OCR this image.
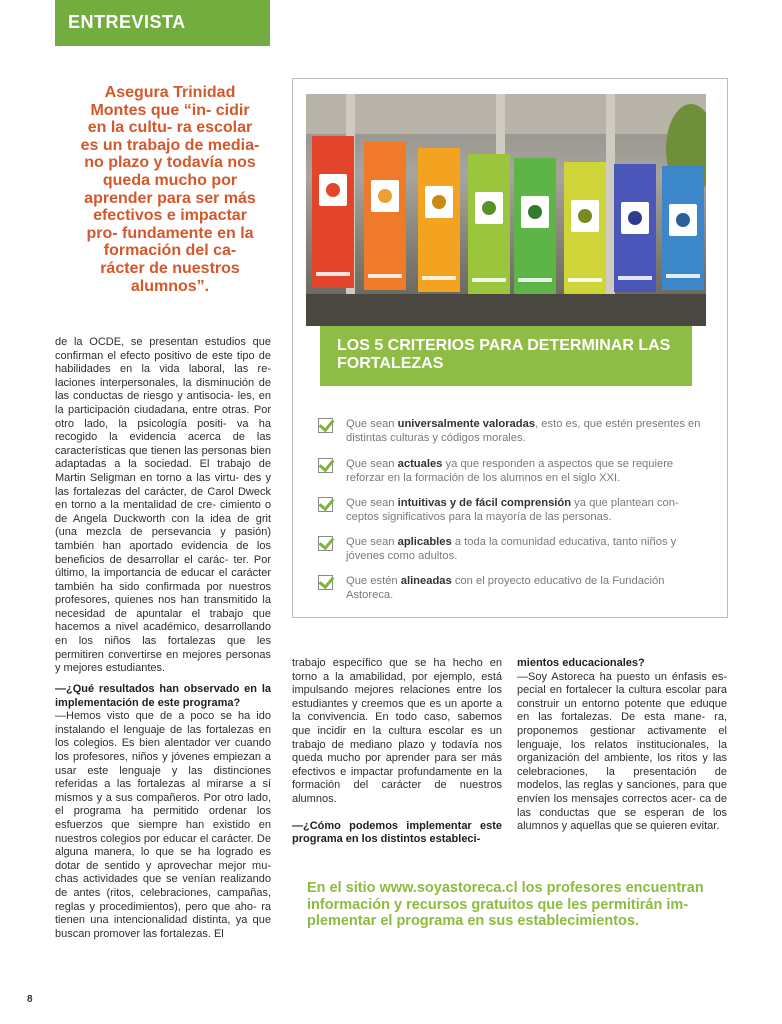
ENTREVISTA
Asegura Trinidad Montes que “in- cidir en la cultu- ra escolar es un trabajo de media- no plazo y todavía nos queda mucho por aprender para ser más efectivos e impactar pro- fundamente en la formación del ca- rácter de nuestros alumnos”.

de la OCDE, se presentan estudios que confirman el efecto positivo de este tipo de habilidades en la vida laboral, las re- laciones interpersonales, la disminución de las conductas de riesgo y antisocia- les, en la participación ciudadana, entre otras. Por otro lado, la psicología positi- va ha recogido la evidencia acerca de las características que tienen las personas bien adaptadas a la sociedad. El trabajo de Martin Seligman en torno a las virtu- des y las fortalezas del carácter, de Carol Dweck en torno a la mentalidad de cre- cimiento o de Angela Duckworth con la idea de grit (una mezcla de persevancia y pasión) también han aportado evidencia de los beneficios de desarrollar el carác- ter. Por último, la importancia de educar el carácter también ha sido confirmada por nuestros profesores, quienes nos han transmitido la necesidad de apuntalar el trabajo que hacemos a nivel académico, desarrollando en los niños las fortalezas que les permitiren convertirse en mejores personas y mejores estudiantes.

—¿Qué resultados han observado en la implementación de este programa?

—Hemos visto que de a poco se ha ido instalando el lenguaje de las fortalezas en los colegios. Es bien alentador ver cuando los profesores, niños y jóvenes empiezan a usar este lenguaje y las distinciones referidas a las fortalezas al mirarse a sí mismos y a sus compañeros. Por otro lado, el programa ha permitido ordenar los esfuerzos que siempre han existido en nuestros colegios por educar el carácter. De alguna manera, lo que se ha logrado es dotar de sentido y aprovechar mejor mu- chas actividades que se venían realizando de antes (ritos, celebraciones, campañas, reglas y procedimientos), pero que aho- ra tienen una intencionalidad distinta, ya que buscan promover las fortalezas. El

trabajo específico que se ha hecho en torno a la amabilidad, por ejemplo, está impulsando mejores relaciones entre los estudiantes y creemos que es un aporte a la convivencia. En todo caso, sabemos que incidir en la cultura escolar es un trabajo de mediano plazo y todavía nos queda mucho por aprender para ser más efectivos e impactar profundamente en la formación del carácter de nuestros alumnos.

—¿Cómo podemos implementar este programa en los distintos estableci-

mientos educacionales?

—Soy Astoreca ha puesto un énfasis es- pecial en fortalecer la cultura escolar para construir un entorno potente que eduque en las fortalezas. De esta mane- ra, proponemos gestionar activamente el lenguaje, los relatos institucionales, la organización del ambiente, los ritos y las celebraciones, la presentación de modelos, las reglas y sanciones, para que envíen los mensajes correctos acer- ca de las conductas que se esperan de los alumnos y aquellas que se quieren evitar.

LOS 5 CRITERIOS PARA DETERMINAR LAS FORTALEZAS
Que sean universalmente valoradas, esto es, que estén presentes en distintas culturas y códigos morales.
Que sean actuales ya que responden a aspectos que se requiere reforzar en la formación de los alumnos en el siglo XXI.
Que sean intuitivas y de fácil comprensión ya que plantean con- ceptos significativos para la mayoría de las personas.
Que sean aplicables a toda la comunidad educativa, tanto niños y jóvenes como adultos.
Que estén alineadas con el proyecto educativo de la Fundación Astoreca.
En el sitio www.soyastoreca.cl los profesores encuentran información y recursos gratuitos que les permitirán im- plementar el programa en sus establecimientos.
8
